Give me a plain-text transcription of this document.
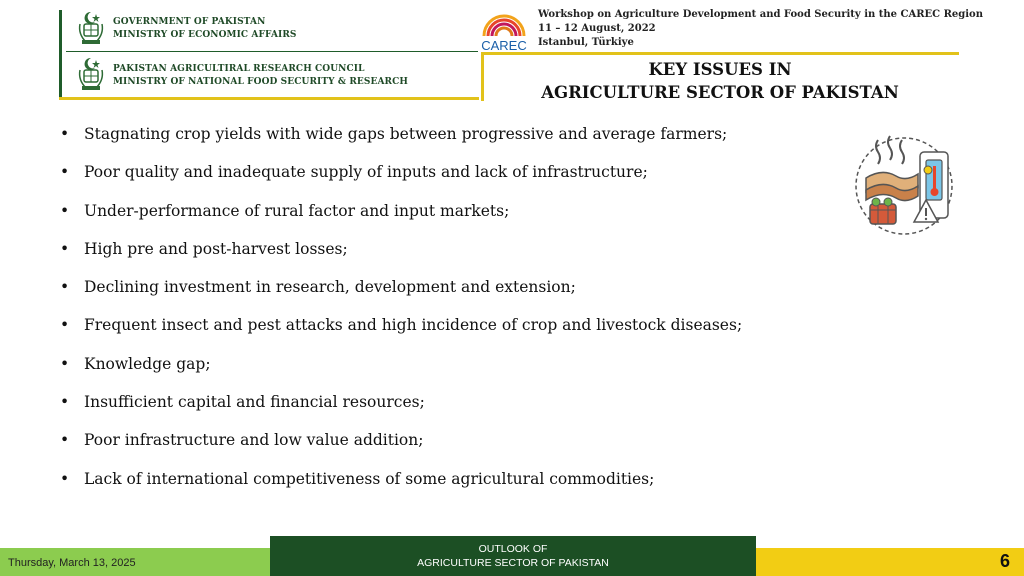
GOVERNMENT OF PAKISTAN
MINISTRY OF ECONOMIC AFFAIRS
PAKISTAN AGRICULTIRAL RESEARCH COUNCIL
MINISTRY OF NATIONAL FOOD SECURITY & RESEARCH
CAREC
Workshop on Agriculture Development and Food Security in the CAREC Region
11 – 12 August, 2022
Istanbul, Türkiye
KEY ISSUES IN
AGRICULTURE SECTOR OF PAKISTAN
• Stagnating crop yields with wide gaps between progressive and average farmers;
• Poor quality and inadequate supply of inputs and lack of infrastructure;
• Under-performance of rural factor and input markets;
• High pre and post-harvest losses;
• Declining investment in research, development and extension;
• Frequent insect and pest attacks and high incidence of crop and livestock diseases;
• Knowledge gap;
• Insufficient capital and financial resources;
• Poor infrastructure and low value addition;
• Lack of international competitiveness of some agricultural commodities;
Thursday, March 13, 2025
OUTLOOK OF
AGRICULTURE SECTOR OF PAKISTAN	6
